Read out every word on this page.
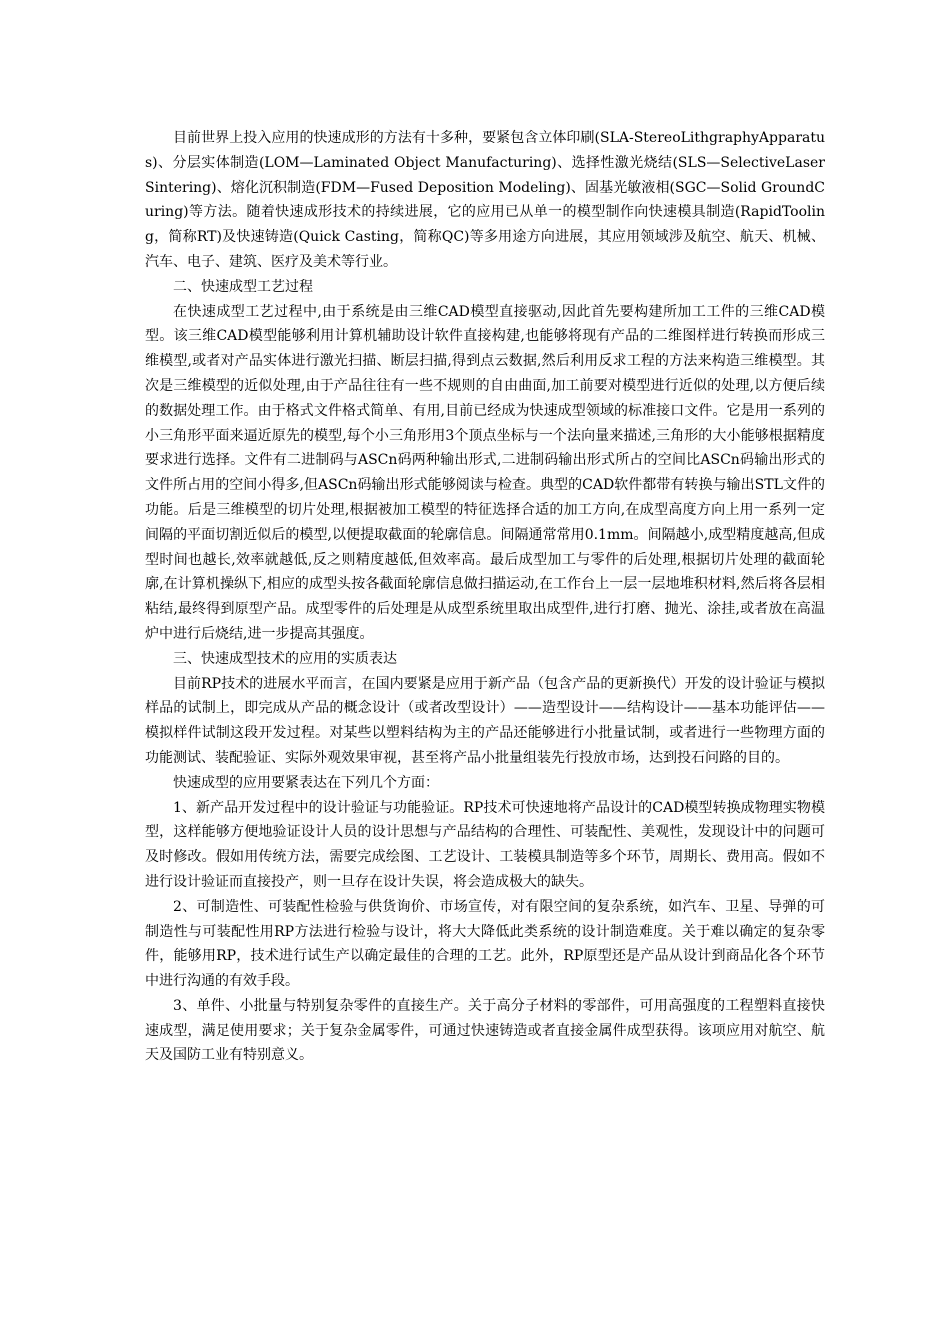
目前世界上投入应用的快速成形的方法有十多种，要紧包含立体印刷(SLA-StereoLithgraphyApparatus)、分层实体制造(LOM—Laminated Object Manufacturing)、选择性激光烧结(SLS—SelectiveLaser Sintering)、熔化沉积制造(FDM—Fused Deposition Modeling)、固基光敏液相(SGC—Solid GroundCuring)等方法。随着快速成形技术的持续进展，它的应用已从单一的模型制作向快速模具制造(RapidTooling，简称RT)及快速铸造(Quick Casting，简称QC)等多用途方向进展，其应用领域涉及航空、航天、机械、汽车、电子、建筑、医疗及美术等行业。

二、快速成型工艺过程

在快速成型工艺过程中,由于系统是由三维CAD模型直接驱动,因此首先要构建所加工工件的三维CAD模型。该三维CAD模型能够利用计算机辅助设计软件直接构建,也能够将现有产品的二维图样进行转换而形成三维模型,或者对产品实体进行激光扫描、断层扫描,得到点云数据,然后利用反求工程的方法来构造三维模型。其次是三维模型的近似处理,由于产品往往有一些不规则的自由曲面,加工前要对模型进行近似的处理,以方便后续的数据处理工作。由于格式文件格式简单、有用,目前已经成为快速成型领域的标准接口文件。它是用一系列的小三角形平面来逼近原先的模型,每个小三角形用3个顶点坐标与一个法向量来描述,三角形的大小能够根据精度要求进行选择。文件有二进制码与ASCn码两种输出形式,二进制码输出形式所占的空间比ASCn码输出形式的文件所占用的空间小得多,但ASCn码输出形式能够阅读与检查。典型的CAD软件都带有转换与输出STL文件的功能。后是三维模型的切片处理,根据被加工模型的特征选择合适的加工方向,在成型高度方向上用一系列一定间隔的平面切割近似后的模型,以便提取截面的轮廓信息。间隔通常常用0.1mm。间隔越小,成型精度越高,但成型时间也越长,效率就越低,反之则精度越低,但效率高。最后成型加工与零件的后处理,根据切片处理的截面轮廓,在计算机操纵下,相应的成型头按各截面轮廓信息做扫描运动,在工作台上一层一层地堆积材料,然后将各层相粘结,最终得到原型产品。成型零件的后处理是从成型系统里取出成型件,进行打磨、抛光、涂挂,或者放在高温炉中进行后烧结,进一步提高其强度。

三、快速成型技术的应用的实质表达

目前RP技术的进展水平而言，在国内要紧是应用于新产品（包含产品的更新换代）开发的设计验证与模拟样品的试制上，即完成从产品的概念设计（或者改型设计）——造型设计——结构设计——基本功能评估——模拟样件试制这段开发过程。对某些以塑料结构为主的产品还能够进行小批量试制，或者进行一些物理方面的功能测试、装配验证、实际外观效果审视，甚至将产品小批量组装先行投放市场，达到投石问路的目的。

快速成型的应用要紧表达在下列几个方面：

1、新产品开发过程中的设计验证与功能验证。RP技术可快速地将产品设计的CAD模型转换成物理实物模型，这样能够方便地验证设计人员的设计思想与产品结构的合理性、可装配性、美观性，发现设计中的问题可及时修改。假如用传统方法，需要完成绘图、工艺设计、工装模具制造等多个环节，周期长、费用高。假如不进行设计验证而直接投产，则一旦存在设计失误，将会造成极大的缺失。

2、可制造性、可装配性检验与供货询价、市场宣传，对有限空间的复杂系统，如汽车、卫星、导弹的可制造性与可装配性用RP方法进行检验与设计，将大大降低此类系统的设计制造难度。关于难以确定的复杂零件，能够用RP，技术进行试生产以确定最佳的合理的工艺。此外，RP原型还是产品从设计到商品化各个环节中进行沟通的有效手段。

3、单件、小批量与特别复杂零件的直接生产。关于高分子材料的零部件，可用高强度的工程塑料直接快速成型，满足使用要求；关于复杂金属零件，可通过快速铸造或者直接金属件成型获得。该项应用对航空、航天及国防工业有特别意义。
